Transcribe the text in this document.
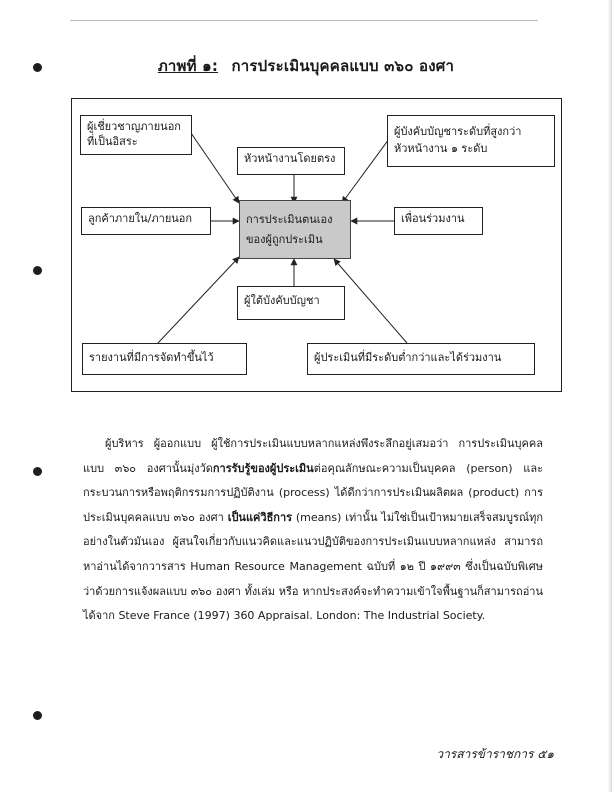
ภาพที่ ๑: การประเมินบุคคลแบบ ๓๖๐ องศา
ผู้เชี่ยวชาญภายนอก
ที่เป็นอิสระ
หัวหน้างานโดยตรง
ผู้บังคับบัญชาระดับที่สูงกว่า
หัวหน้างาน ๑ ระดับ
ลูกค้าภายใน/ภายนอก	การประเมินตนเอง
ของผู้ถูกประเมิน
เพื่อนร่วมงาน
ผู้ใต้บังคับบัญชา
รายงานที่มีการจัดทำขึ้นไว้	ผู้ประเมินที่มีระดับต่ำกว่าและได้ร่วมงาน

ผู้บริหาร ผู้ออกแบบ ผู้ใช้การประเมินแบบหลากแหล่งพึงระลึกอยู่เสมอว่า การประเมินบุคคลแบบ ๓๖๐ องศานั้นมุ่งวัดการรับรู้ของผู้ประเมินต่อคุณลักษณะความเป็นบุคคล (person) และกระบวนการหรือพฤติกรรมการปฏิบัติงาน (process) ได้ดีกว่าการประเมินผลิตผล (product) การประเมินบุคคลแบบ ๓๖๐ องศา เป็นแค่วิธีการ (means) เท่านั้น ไม่ใช่เป็นเป้าหมายเสร็จสมบูรณ์ทุกอย่างในตัวมันเอง ผู้สนใจเกี่ยวกับแนวคิดและแนวปฏิบัติของการประเมินแบบหลากแหล่ง สามารถหาอ่านได้จากวารสาร Human Resource Management ฉบับที่ ๑๒ ปี ๑๙๙๓ ซึ่งเป็นฉบับพิเศษว่าด้วยการแจ้งผลแบบ ๓๖๐ องศา ทั้งเล่ม หรือ หากประสงค์จะทำความเข้าใจพื้นฐานก็สามารถอ่านได้จาก Steve France (1997) 360 Appraisal. London: The Industrial Society.

วารสารข้าราชการ ๕๑
